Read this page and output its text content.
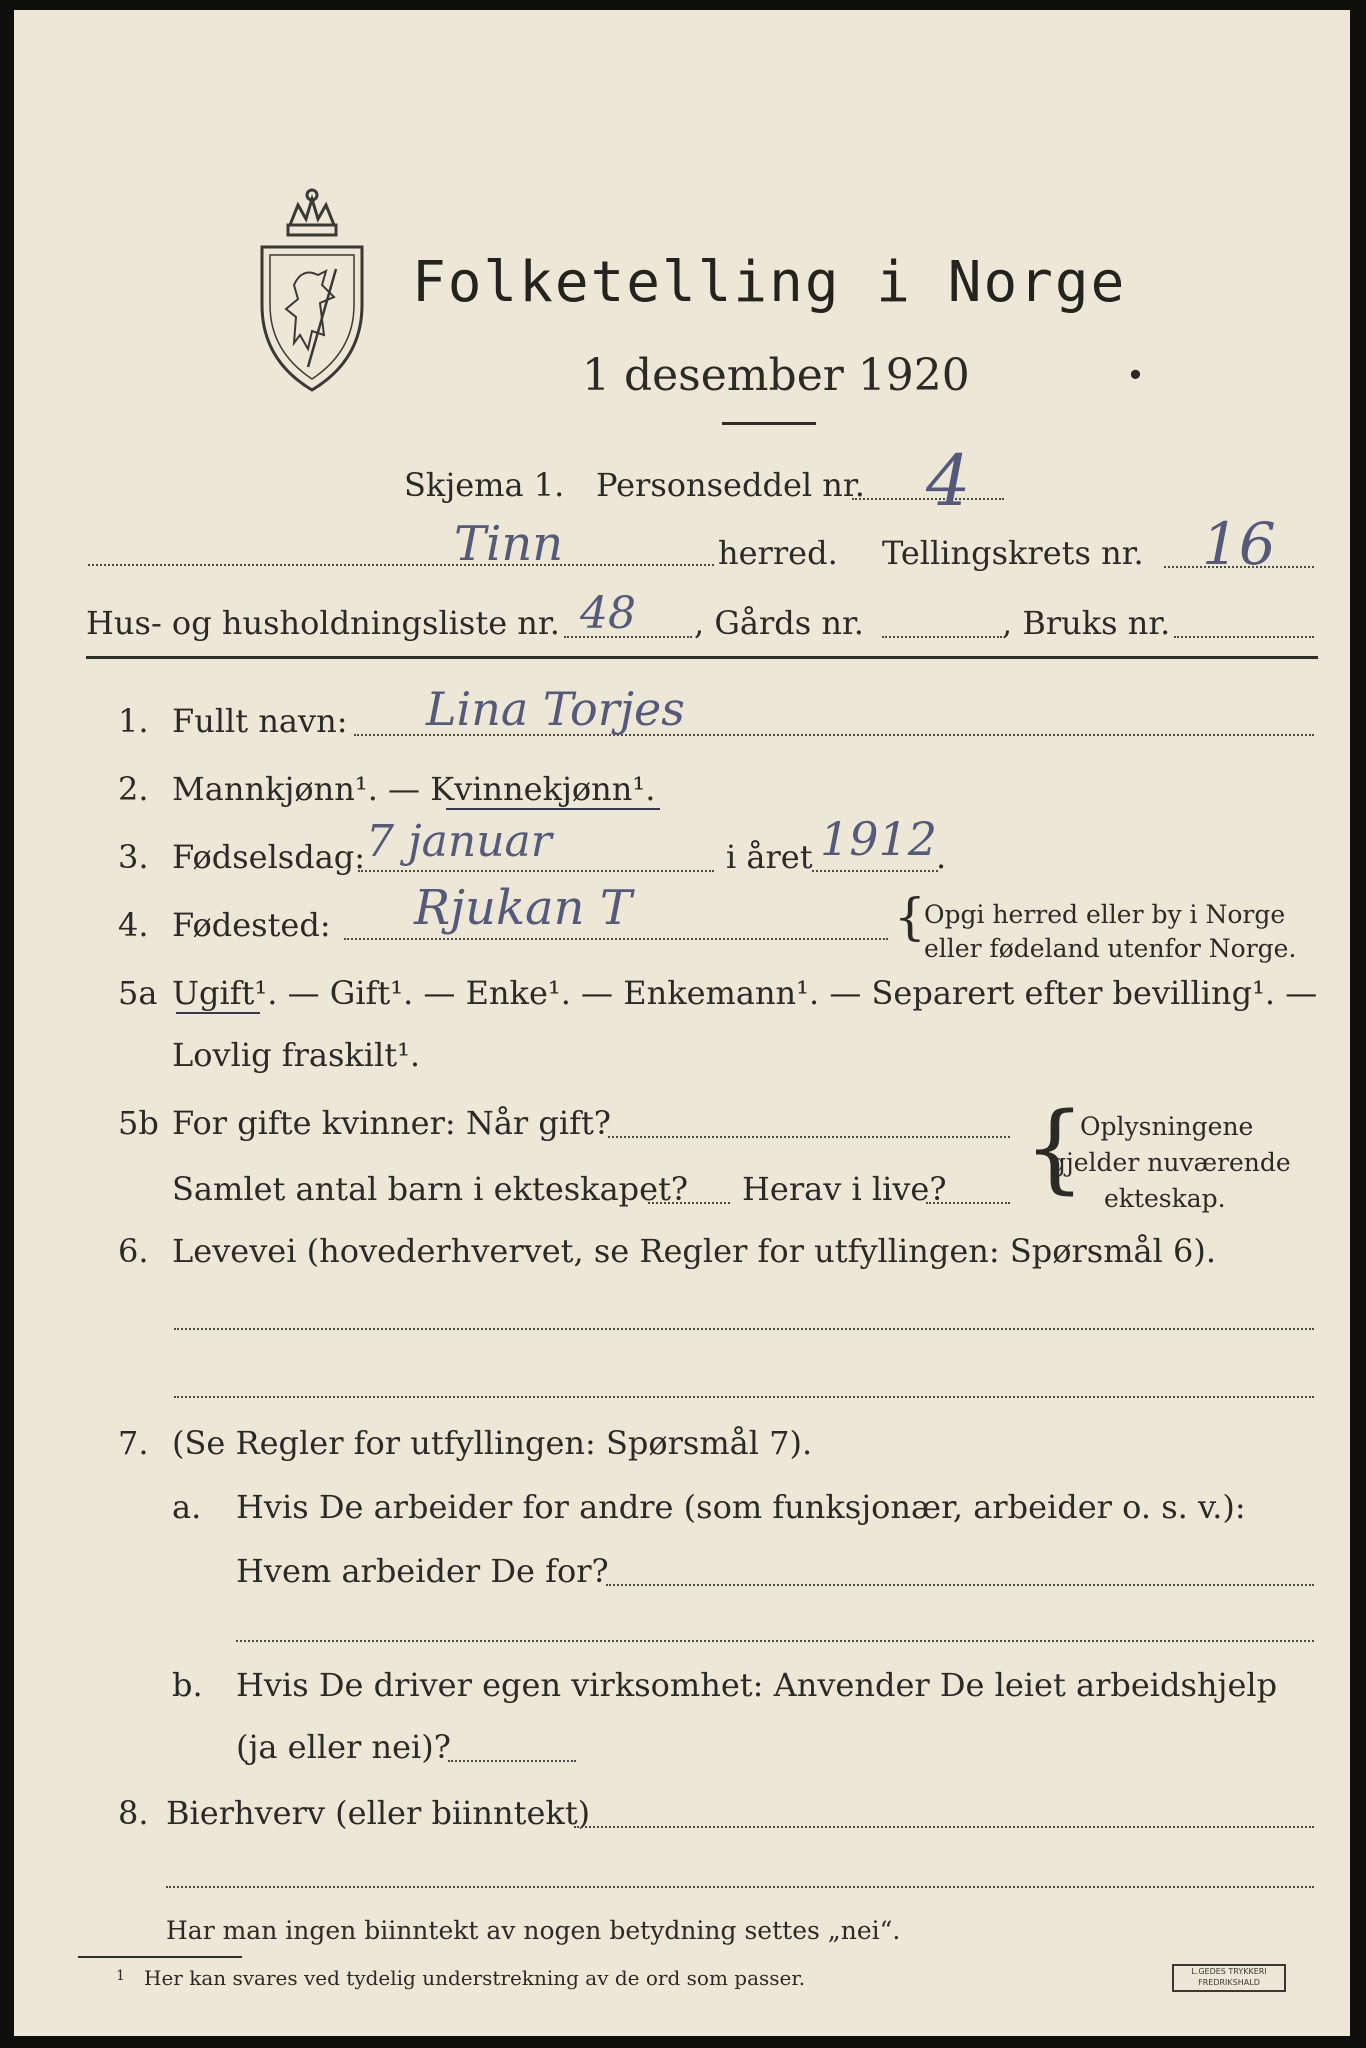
Folketelling i Norge
1 desember 1920	•
Skjema 1. Personseddel nr. 4
Tinn	herred. Tellingskrets nr. 16
Hus- og husholdningsliste nr. 48 , Gårds nr.	, Bruks nr.
1. Fullt navn: Lina Torjes
2. Mannkjønn¹. — Kvinnekjønn¹.
3. Fødselsdag: 7 januar	i året 1912
.
4. Fødested: Rjukan T	{
Opgi herred eller by i Norge
eller fødeland utenfor Norge.
5a Ugift¹. — Gift¹. — Enke¹. — Enkemann¹. — Separert efter bevilling¹. —
Lovlig fraskilt¹.
5b For gifte kvinner: Når gift?
Samlet antal barn i ekteskapet? Herav i live? {
Oplysningene
gjelder nuværende
ekteskap.
6. Levevei (hovederhvervet, se Regler for utfyllingen: Spørsmål 6).
7. (Se Regler for utfyllingen: Spørsmål 7).
a. Hvis De arbeider for andre (som funksjonær, arbeider o. s. v.):
Hvem arbeider De for?
b. Hvis De driver egen virksomhet: Anvender De leiet arbeidshjelp
(ja eller nei)?
8. Bierhverv (eller biinntekt)
Har man ingen biinntekt av nogen betydning settes „nei“.
1 Her kan svares ved tydelig understrekning av de ord som passer.	L.GEDES TRYKKERI FREDRIKSHALD
